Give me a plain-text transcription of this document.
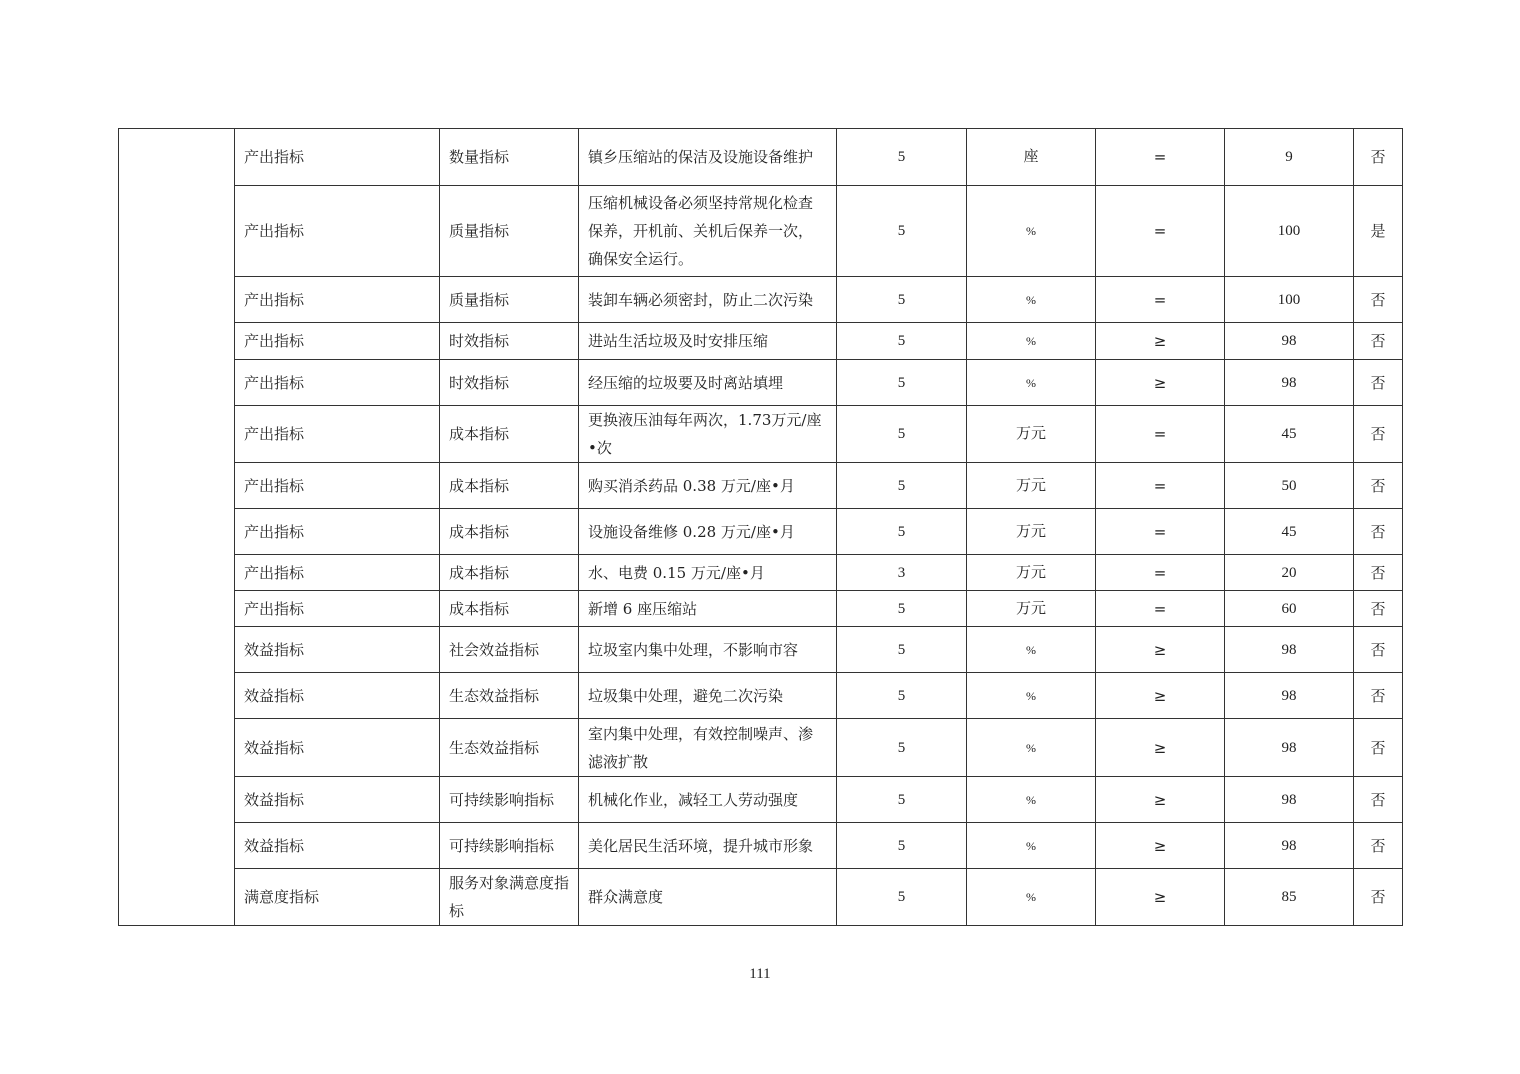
	产出指标	数量指标	镇乡压缩站的保洁及设施设备维护	5	座	=	9	否
	产出指标	质量指标	压缩机械设备必须坚持常规化检查保养，开机前、关机后保养一次，确保安全运行。	5	%	=	100	是
	产出指标	质量指标	装卸车辆必须密封，防止二次污染	5	%	=	100	否
	产出指标	时效指标	进站生活垃圾及时安排压缩	5	%	≥	98	否
	产出指标	时效指标	经压缩的垃圾要及时离站填埋	5	%	≥	98	否
	产出指标	成本指标	更换液压油每年两次，1.73万元/座•次	5	万元	=	45	否
	产出指标	成本指标	购买消杀药品 0.38 万元/座•月	5	万元	=	50	否
	产出指标	成本指标	设施设备维修 0.28 万元/座•月	5	万元	=	45	否
	产出指标	成本指标	水、电费 0.15 万元/座•月	3	万元	=	20	否
	产出指标	成本指标	新增 6 座压缩站	5	万元	=	60	否
	效益指标	社会效益指标	垃圾室内集中处理，不影响市容	5	%	≥	98	否
	效益指标	生态效益指标	垃圾集中处理，避免二次污染	5	%	≥	98	否
	效益指标	生态效益指标	室内集中处理，有效控制噪声、渗滤液扩散	5	%	≥	98	否
	效益指标	可持续影响指标	机械化作业，减轻工人劳动强度	5	%	≥	98	否
	效益指标	可持续影响指标	美化居民生活环境，提升城市形象	5	%	≥	98	否
	满意度指标	服务对象满意度指标	群众满意度	5	%	≥	85	否
111
